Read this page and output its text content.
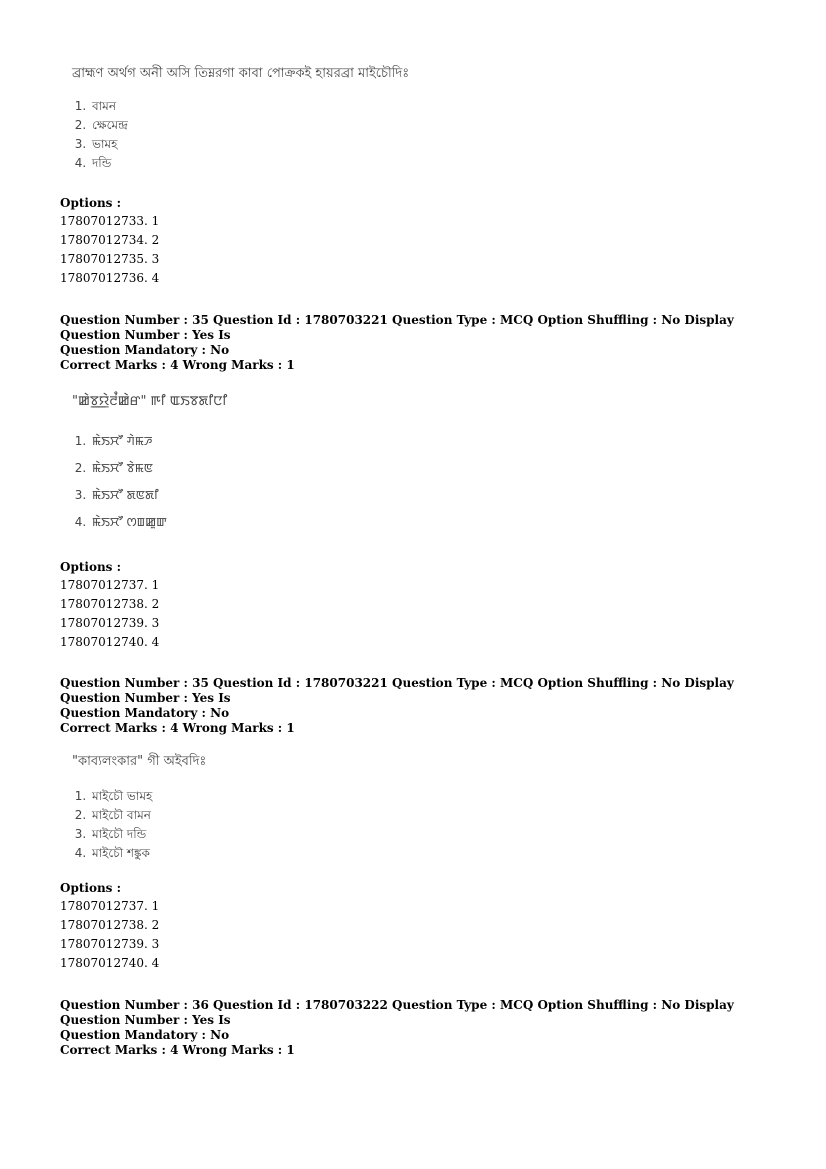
ব্রাহ্মণ অর্থগ অনী অসি তিম্নরগা কাবা পোক্রকই হায়রব্রা মাইচৌদিঃ
1. বামন
2. ক্ষেমেন্দ্র
3. ভামহ
4. দন্ডি
Options :
17807012733. 1
17807012734. 2
17807012735. 3
17807012736. 4
Question Number : 35 Question Id : 1780703221 Question Type : MCQ Option Shuffling : No Display Question Number : Yes Is
Question Mandatory : No
Correct Marks : 4 Wrong Marks : 1
"ꯀꯥꯕ꯭ꯌꯥꯂꯪꯀꯥꯔ" ꯒꯤ ꯑꯏꯕꯗꯤꯅꯤ
1. ꯃꯥꯏꯆꯧ ꯚꯥꯃꯍ
2. ꯃꯥꯏꯆꯧ ꯕꯥꯃꯟ
3. ꯃꯥꯏꯆꯧ ꯗꯟꯗꯤ
4. ꯃꯥꯏꯆꯧ ꯁꯡꯀꯨꯛ
Options :
17807012737. 1
17807012738. 2
17807012739. 3
17807012740. 4
Question Number : 35 Question Id : 1780703221 Question Type : MCQ Option Shuffling : No Display Question Number : Yes Is
Question Mandatory : No
Correct Marks : 4 Wrong Marks : 1
"কাব্যলংকার" গী অইবদিঃ
1. মাইচৌ ভামহ
2. মাইচৌ বামন
3. মাইচৌ দন্ডি
4. মাইচৌ শঙ্কুক
Options :
17807012737. 1
17807012738. 2
17807012739. 3
17807012740. 4
Question Number : 36 Question Id : 1780703222 Question Type : MCQ Option Shuffling : No Display Question Number : Yes Is
Question Mandatory : No
Correct Marks : 4 Wrong Marks : 1
